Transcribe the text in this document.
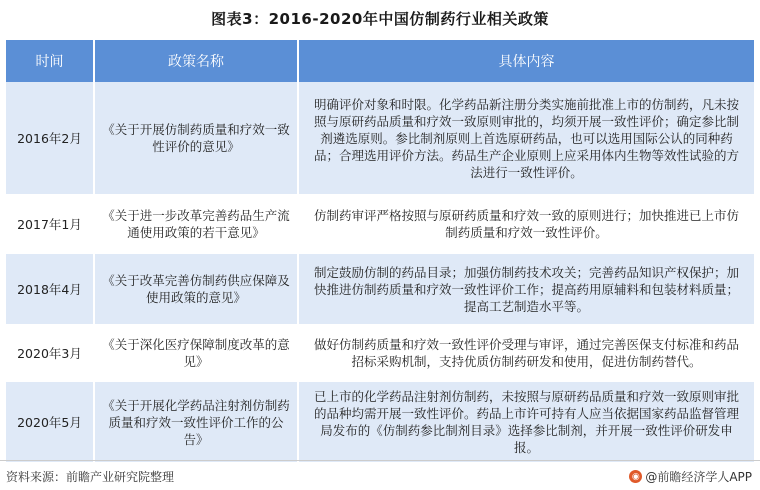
图表3：2016-2020年中国仿制药行业相关政策
时间	政策名称	具体内容
2016年2月	《关于开展仿制药质量和疗效一致性评价的意见》	明确评价对象和时限。化学药品新注册分类实施前批准上市的仿制药，凡未按照与原研药品质量和疗效一致原则审批的，均须开展一致性评价；确定参比制剂遴选原则。参比制剂原则上首选原研药品，也可以选用国际公认的同种药品；合理选用评价方法。药品生产企业原则上应采用体内生物等效性试验的方法进行一致性评价。
2017年1月	《关于进一步改革完善药品生产流通使用政策的若干意见》	仿制药审评严格按照与原研药质量和疗效一致的原则进行；加快推进已上市仿制药质量和疗效一致性评价。
2018年4月	《关于改革完善仿制药供应保障及使用政策的意见》	制定鼓励仿制的药品目录；加强仿制药技术攻关；完善药品知识产权保护；加快推进仿制药质量和疗效一致性评价工作；提高药用原辅料和包装材料质量；提高工艺制造水平等。
2020年3月	《关于深化医疗保障制度改革的意见》	做好仿制药质量和疗效一致性评价受理与审评，通过完善医保支付标准和药品招标采购机制，支持优质仿制药研发和使用，促进仿制药替代。
2020年5月	《关于开展化学药品注射剂仿制药质量和疗效一致性评价工作的公告》	已上市的化学药品注射剂仿制药，未按照与原研药品质量和疗效一致原则审批的品种均需开展一致性评价。药品上市许可持有人应当依据国家药品监督管理局发布的《仿制药参比制剂目录》选择参比制剂，并开展一致性评价研发申报。
资料来源：前瞻产业研究院整理	◉ @前瞻经济学人APP
